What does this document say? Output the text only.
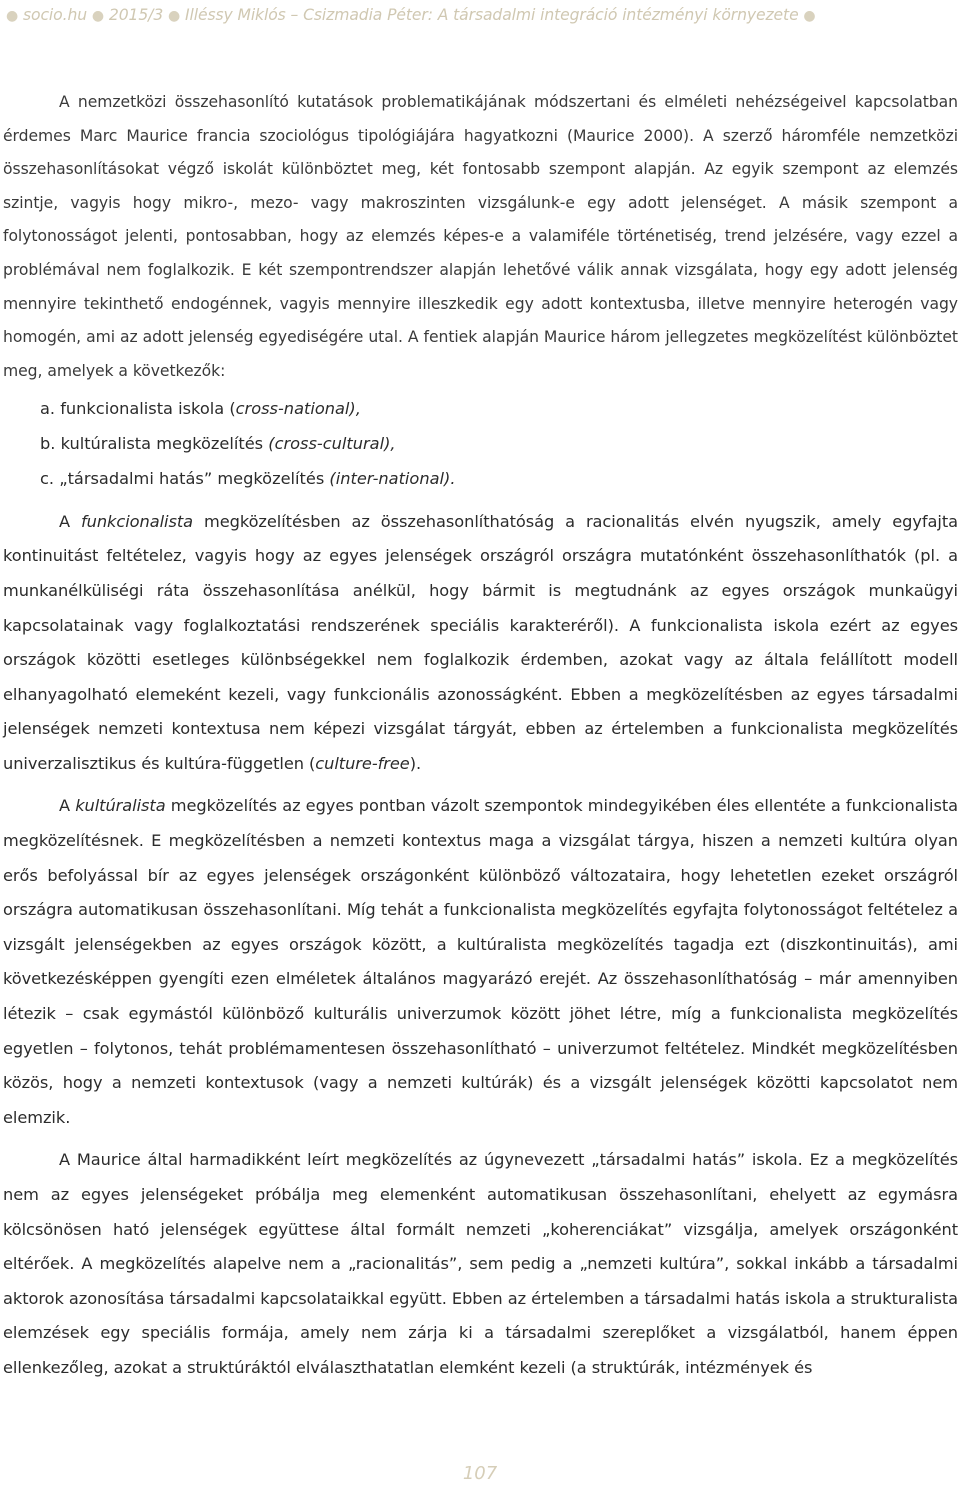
● socio.hu ● 2015/3 ● Illéssy Miklós – Csizmadia Péter: A társadalmi integráció intézményi környezete ●

A nemzetközi összehasonlító kutatások problematikájának módszertani és elméleti nehézségeivel kapcsolatban érdemes Marc Maurice francia szociológus tipológiájára hagyatkozni (Maurice 2000). A szerző háromféle nemzetközi összehasonlításokat végző iskolát különböztet meg, két fontosabb szempont alapján. Az egyik szempont az elemzés szintje, vagyis hogy mikro-, mezo- vagy makroszinten vizsgálunk-e egy adott jelenséget. A másik szempont a folytonosságot jelenti, pontosabban, hogy az elemzés képes-e a valamiféle történetiség, trend jelzésére, vagy ezzel a problémával nem foglalkozik. E két szempontrendszer alapján lehetővé válik annak vizsgálata, hogy egy adott jelenség mennyire tekinthető endogénnek, vagyis mennyire illeszkedik egy adott kontextusba, illetve mennyire heterogén vagy homogén, ami az adott jelenség egyediségére utal. A fentiek alapján Maurice három jellegzetes megközelítést különböztet meg, amelyek a következők:

a. funkcionalista iskola (cross-national),
b. kultúralista megközelítés (cross-cultural),
c. „társadalmi hatás” megközelítés (inter-national).

A funkcionalista megközelítésben az összehasonlíthatóság a racionalitás elvén nyugszik, amely egyfajta kontinuitást feltételez, vagyis hogy az egyes jelenségek országról országra mutatónként összehasonlíthatók (pl. a munkanélküliségi ráta összehasonlítása anélkül, hogy bármit is megtudnánk az egyes országok munkaügyi kapcsolatainak vagy foglalkoztatási rendszerének speciális karakteréről). A funkcionalista iskola ezért az egyes országok közötti esetleges különbségekkel nem foglalkozik érdemben, azokat vagy az általa felállított modell elhanyagolható elemeként kezeli, vagy funkcionális azonosságként. Ebben a megközelítésben az egyes társadalmi jelenségek nemzeti kontextusa nem képezi vizsgálat tárgyát, ebben az értelemben a funkcionalista megközelítés univerzalisztikus és kultúra-független (culture-free).

A kultúralista megközelítés az egyes pontban vázolt szempontok mindegyikében éles ellentéte a funkcionalista megközelítésnek. E megközelítésben a nemzeti kontextus maga a vizsgálat tárgya, hiszen a nemzeti kultúra olyan erős befolyással bír az egyes jelenségek országonként különböző változataira, hogy lehetetlen ezeket országról országra automatikusan összehasonlítani. Míg tehát a funkcionalista megközelítés egyfajta folytonosságot feltételez a vizsgált jelenségekben az egyes országok között, a kultúralista megközelítés tagadja ezt (diszkontinuitás), ami következésképpen gyengíti ezen elméletek általános magyarázó erejét. Az összehasonlíthatóság – már amennyiben létezik – csak egymástól különböző kulturális univerzumok között jöhet létre, míg a funkcionalista megközelítés egyetlen – folytonos, tehát problémamentesen összehasonlítható – univerzumot feltételez. Mindkét megközelítésben közös, hogy a nemzeti kontextusok (vagy a nemzeti kultúrák) és a vizsgált jelenségek közötti kapcsolatot nem elemzik.

A Maurice által harmadikként leírt megközelítés az úgynevezett „társadalmi hatás” iskola. Ez a megközelítés nem az egyes jelenségeket próbálja meg elemenként automatikusan összehasonlítani, ehelyett az egymásra kölcsönösen ható jelenségek együttese által formált nemzeti „koherenciákat” vizsgálja, amelyek országonként eltérőek. A megközelítés alapelve nem a „racionalitás”, sem pedig a „nemzeti kultúra”, sokkal inkább a társadalmi aktorok azonosítása társadalmi kapcsolataikkal együtt. Ebben az értelemben a társadalmi hatás iskola a strukturalista elemzések egy speciális formája, amely nem zárja ki a társadalmi szereplőket a vizsgálatból, hanem éppen ellenkezőleg, azokat a struktúráktól elválaszthatatlan elemként kezeli (a struktúrák, intézmények és

107
